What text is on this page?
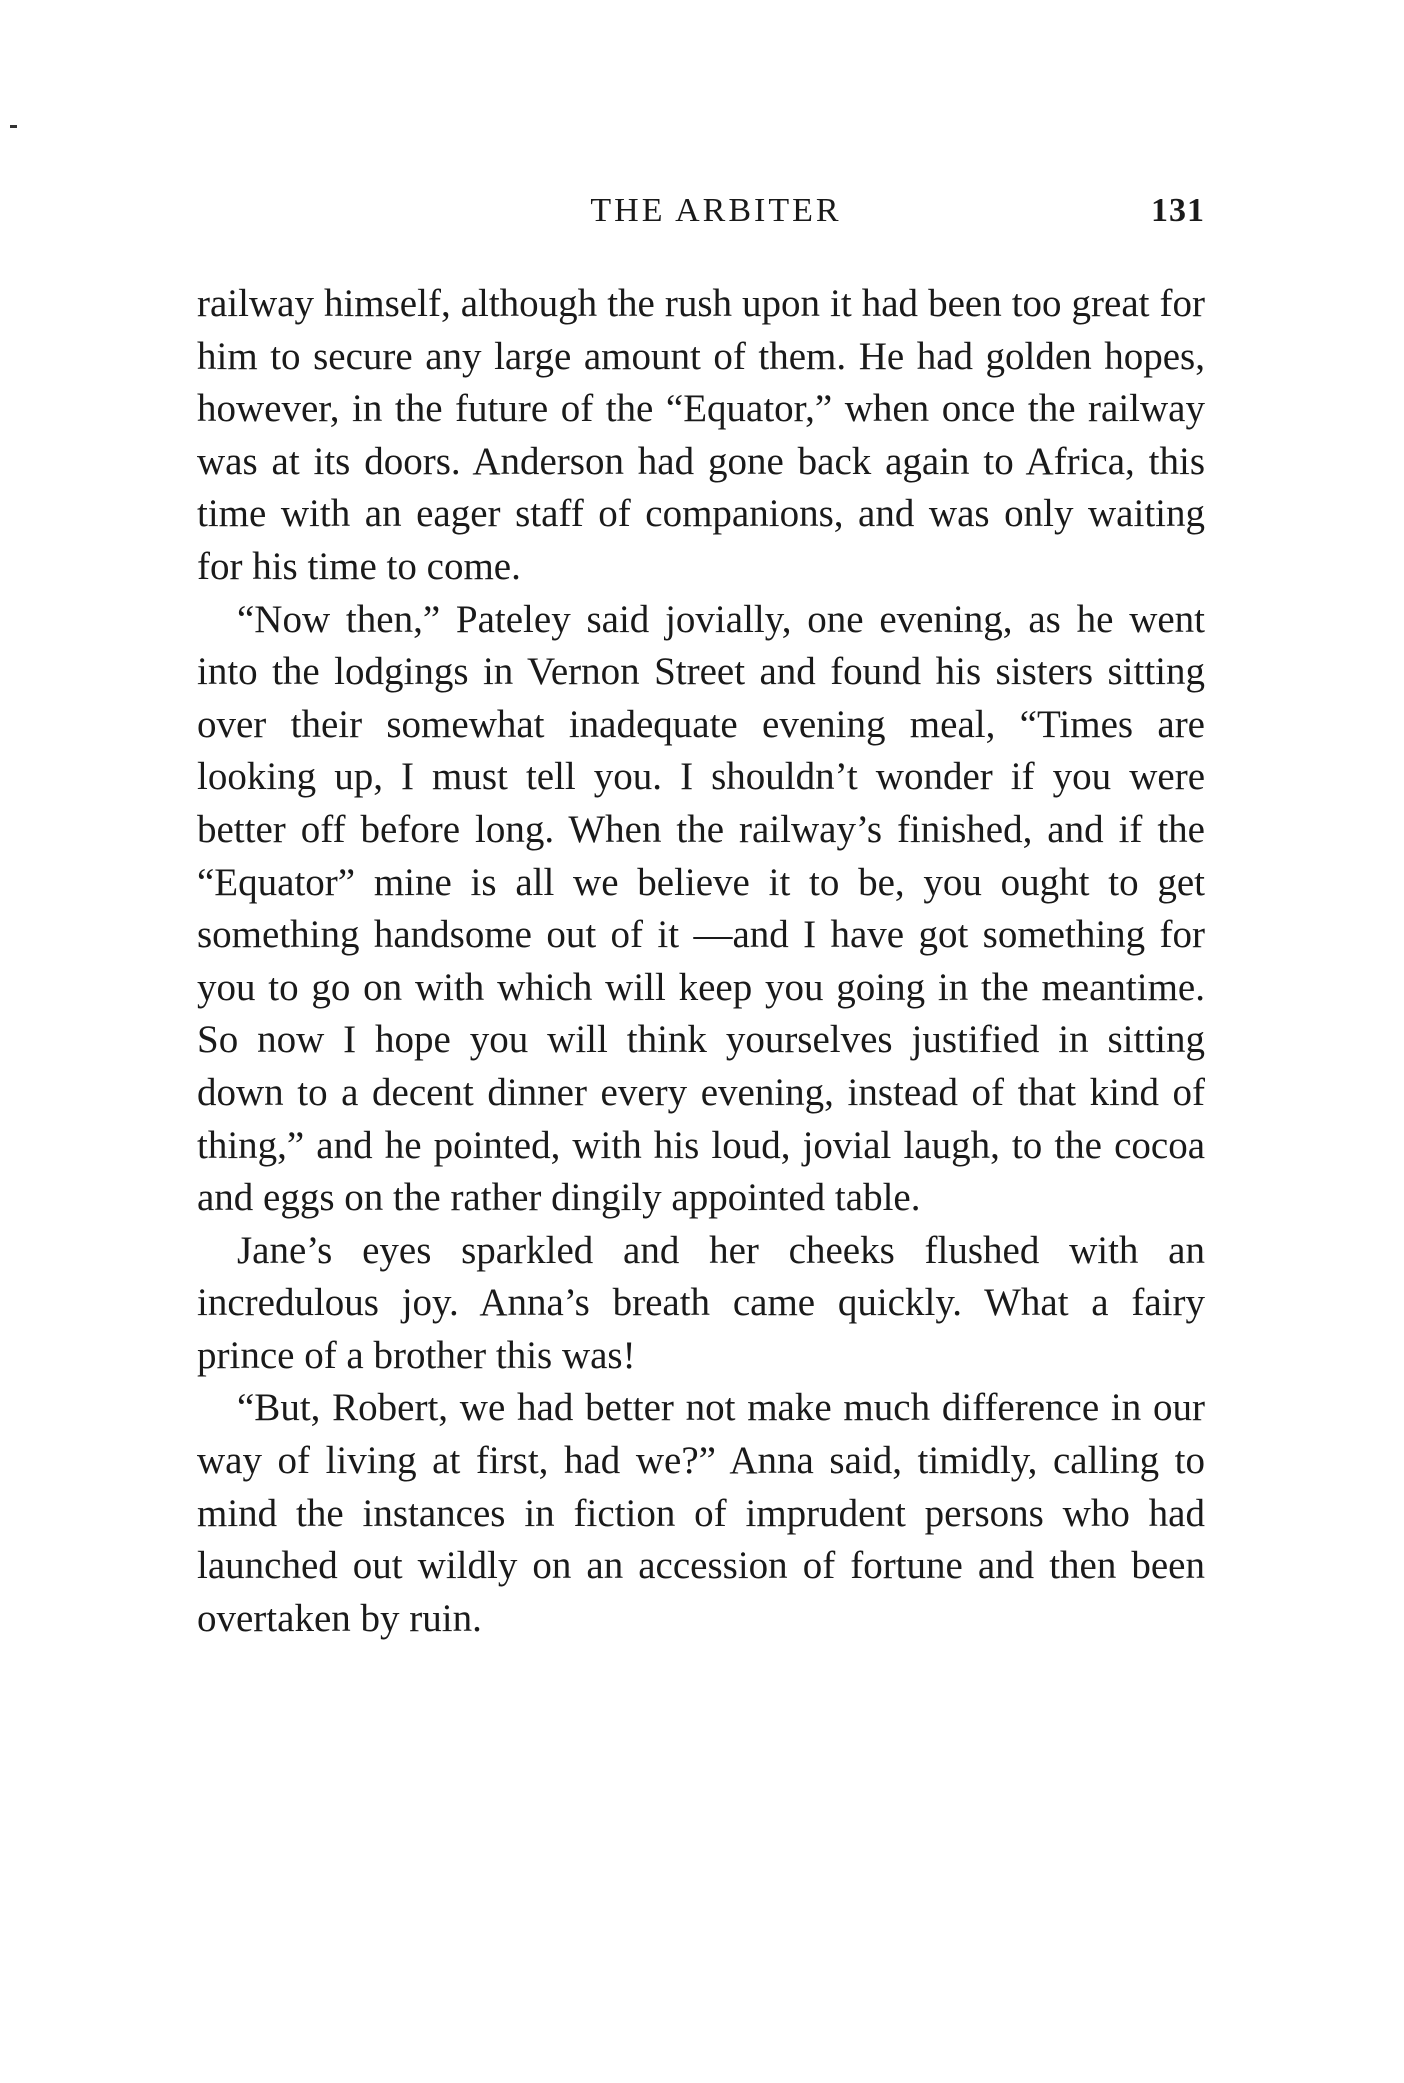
THE ARBITER	131

railway himself, although the rush upon it had been too great for him to secure any large amount of them. He had golden hopes, however, in the future of the “Equator,” when once the railway was at its doors. Anderson had gone back again to Africa, this time with an eager staff of companions, and was only waiting for his time to come.

“Now then,” Pateley said jovially, one evening, as he went into the lodgings in Vernon Street and found his sisters sitting over their somewhat inadequate evening meal, “Times are looking up, I must tell you. I shouldn’t wonder if you were better off before long. When the railway’s finished, and if the “Equator” mine is all we believe it to be, you ought to get something handsome out of it —and I have got something for you to go on with which will keep you going in the meantime. So now I hope you will think yourselves justified in sitting down to a decent dinner every evening, instead of that kind of thing,” and he pointed, with his loud, jovial laugh, to the cocoa and eggs on the rather dingily appointed table.

Jane’s eyes sparkled and her cheeks flushed with an incredulous joy. Anna’s breath came quickly. What a fairy prince of a brother this was!

“But, Robert, we had better not make much difference in our way of living at first, had we?” Anna said, timidly, calling to mind the instances in fiction of imprudent persons who had launched out wildly on an accession of fortune and then been overtaken by ruin.
